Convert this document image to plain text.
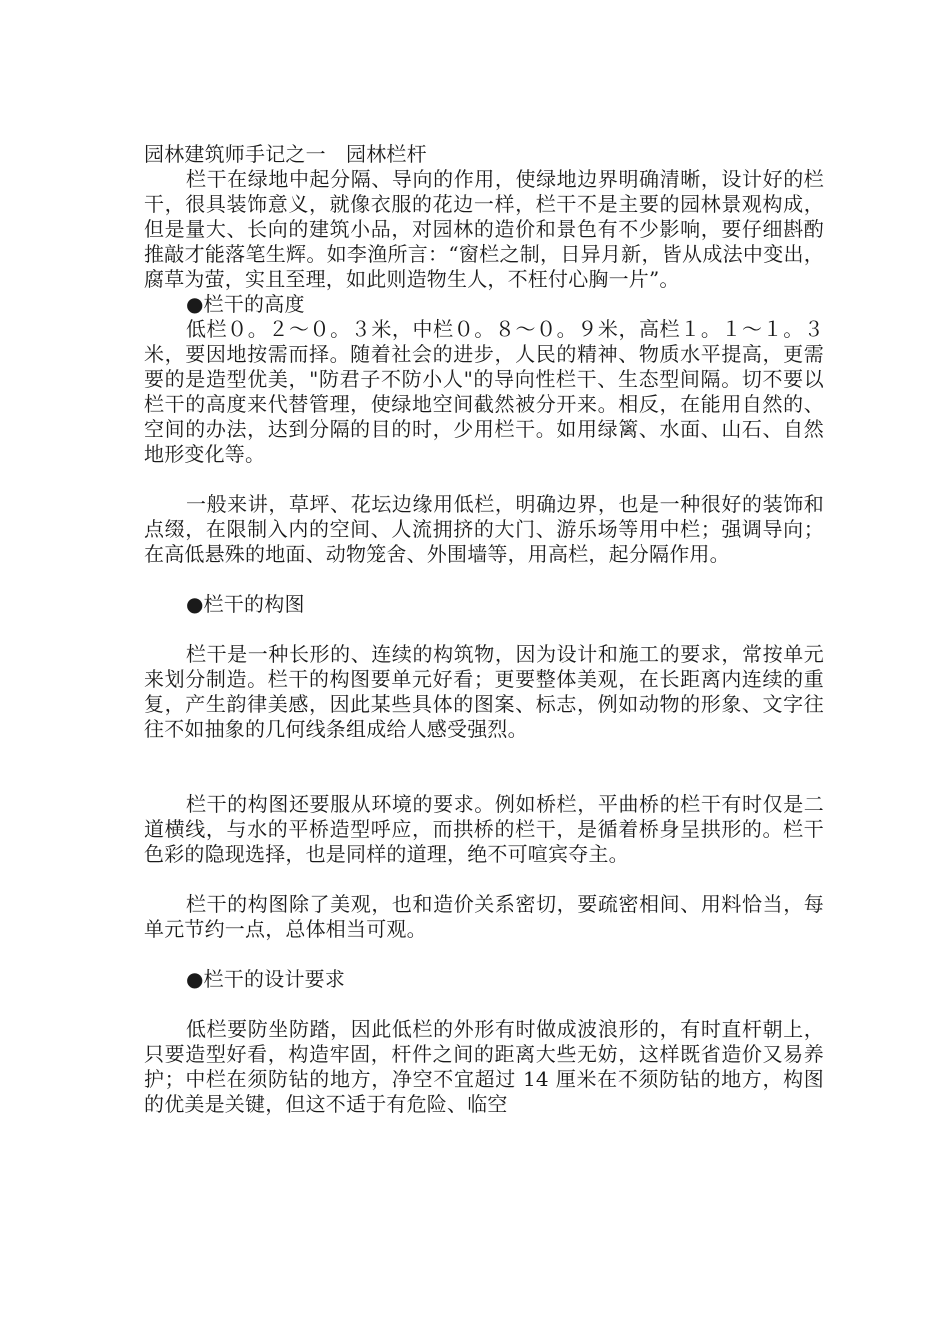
园林建筑师手记之一　园林栏杆

栏干在绿地中起分隔、导向的作用，使绿地边界明确清晰，设计好的栏干，很具装饰意义，就像衣服的花边一样，栏干不是主要的园林景观构成，但是量大、长向的建筑小品，对园林的造价和景色有不少影响，要仔细斟酌推敲才能落笔生辉。如李渔所言：“窗栏之制，日异月新，皆从成法中变出，腐草为萤，实且至理，如此则造物生人，不枉付心胸一片”。

●栏干的高度

低栏０。２～０。３米，中栏０。８～０。９米，高栏１。１～１。３米，要因地按需而择。随着社会的进步，人民的精神、物质水平提高，更需要的是造型优美，"防君子不防小人"的导向性栏干、生态型间隔。切不要以栏干的高度来代替管理，使绿地空间截然被分开来。相反，在能用自然的、空间的办法，达到分隔的目的时，少用栏干。如用绿篱、水面、山石、自然地形变化等。

一般来讲，草坪、花坛边缘用低栏，明确边界，也是一种很好的装饰和点缀，在限制入内的空间、人流拥挤的大门、游乐场等用中栏；强调导向；在高低悬殊的地面、动物笼舍、外围墙等，用高栏，起分隔作用。

●栏干的构图

栏干是一种长形的、连续的构筑物，因为设计和施工的要求，常按单元来划分制造。栏干的构图要单元好看；更要整体美观，在长距离内连续的重复，产生韵律美感，因此某些具体的图案、标志，例如动物的形象、文字往往不如抽象的几何线条组成给人感受强烈。

栏干的构图还要服从环境的要求。例如桥栏，平曲桥的栏干有时仅是二道横线，与水的平桥造型呼应，而拱桥的栏干，是循着桥身呈拱形的。栏干色彩的隐现选择，也是同样的道理，绝不可喧宾夺主。

栏干的构图除了美观，也和造价关系密切，要疏密相间、用料恰当，每单元节约一点，总体相当可观。

●栏干的设计要求

低栏要防坐防踏，因此低栏的外形有时做成波浪形的，有时直杆朝上，只要造型好看，构造牢固，杆件之间的距离大些无妨，这样既省造价又易养护；中栏在须防钻的地方，净空不宜超过 14 厘米在不须防钻的地方，构图的优美是关键，但这不适于有危险、临空
